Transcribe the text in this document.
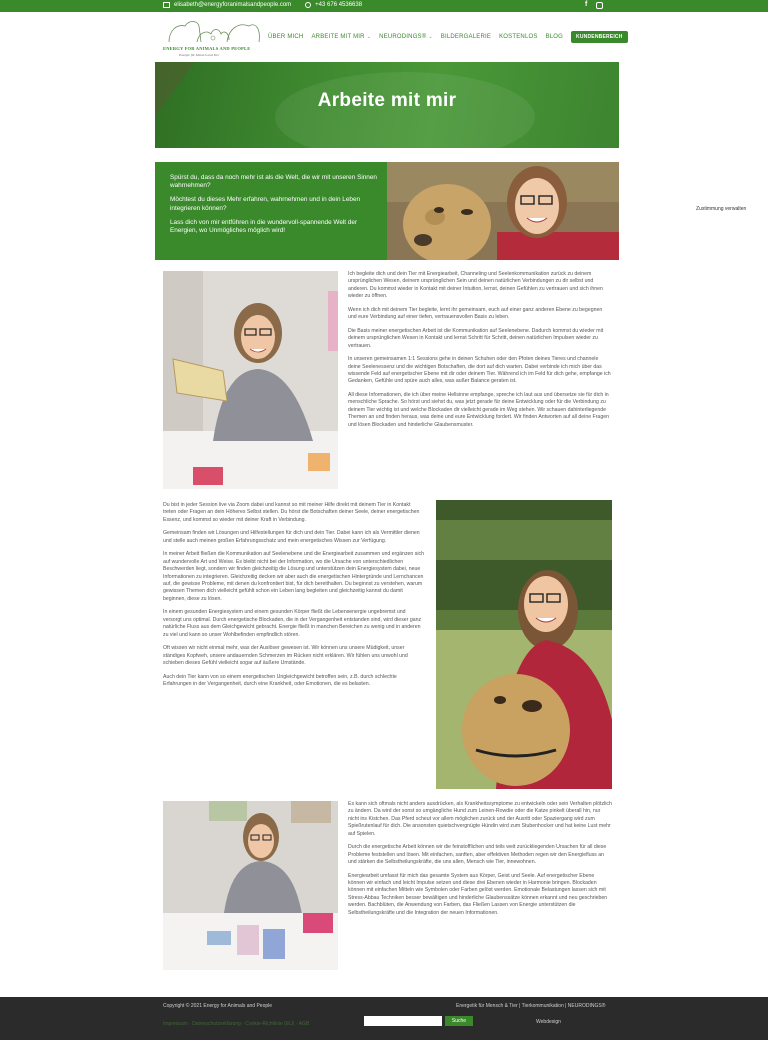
elisabeth@energyforanimalsandpeople.com	+43 676 4536638	f
ENERGY FOR ANIMALS AND PEOPLE
Energie für Mensch und Tier
ÜBER MICH ARBEITE MIT MIR ⌄ NEURODINGS® ⌄ BILDERGALERIE KOSTENLOS BLOG	KUNDENBEREICH
Arbeite mit mir

Spürst du, dass da noch mehr ist als die Welt, die wir mit unseren Sinnen wahrnehmen?

Möchtest du dieses Mehr erfahren, wahrnehmen und in dein Leben integrieren können?

Lass dich von mir entführen in die wundervoll-spannende Welt der Energien, wo Unmögliches möglich wird!

Zustimmung verwalten

Ich begleite dich und dein Tier mit Energiearbeit, Channeling und Seelenkommunikation zurück zu deinem ursprünglichen Wesen, deinem ursprünglichen Sein und deinen natürlichen Verbindungen zu dir selbst und anderen. Du kommst wieder in Kontakt mit deiner Intuition, lernst, deinen Gefühlen zu vertrauen und sich ihnen wieder zu öffnen.

Wenn ich dich mit deinem Tier begleite, lernt ihr gemeinsam, euch auf einer ganz anderen Ebene zu begegnen und eure Verbindung auf einer tiefen, vertrauensvollen Basis zu leben.

Die Basis meiner energetischen Arbeit ist die Kommunikation auf Seelenebene. Dadurch kommst du wieder mit deinem ursprünglichen Wesen in Kontakt und lernst Schritt für Schritt, deinen natürlichen Impulsen wieder zu vertrauen.

In unseren gemeinsamen 1:1 Sessions gehe in deinen Schuhen oder den Pfoten deines Tieres und channele deine Seelenessenz und die wichtigen Botschaften, die dort auf dich warten. Dabei verbinde ich mich über das wissende Feld auf energetischer Ebene mit dir oder deinem Tier. Während ich im Feld für dich gehe, empfange ich Gedanken, Gefühle und spüre auch alles, was außer Balance geraten ist.

All diese Informationen, die ich über meine Hellsinne empfange, spreche ich laut aus und übersetze sie für dich in menschliche Sprache. So hörst und siehst du, was jetzt gerade für deine Entwicklung oder für die Verbindung zu deinem Tier wichtig ist und welche Blockaden dir vielleicht gerade im Weg stehen. Wir schauen dahinterliegende Themen an und finden heraus, was deine und eure Entwicklung fordert. Wir finden Antworten auf all deine Fragen und lösen Blockaden und hinderliche Glaubensmuster.

Du bist in jeder Session live via Zoom dabei und kannst so mit meiner Hilfe direkt mit deinem Tier in Kontakt treten oder Fragen an dein Höheres Selbst stellen. Du hörst die Botschaften deiner Seele, deiner energetischen Essenz, und kommst so wieder mit deiner Kraft in Verbindung.

Gemeinsam finden wir Lösungen und Hilfestellungen für dich und dein Tier. Dabei kann ich als Vermittler dienen und stelle auch meinen großen Erfahrungsschatz und mein energetisches Wissen zur Verfügung.

In meiner Arbeit fließen die Kommunikation auf Seelenebene und die Energiearbeit zusammen und ergänzen sich auf wundervolle Art und Weise. Es bleibt nicht bei der Information, wo die Ursache von unterschiedlichen Beschwerden liegt, sondern wir finden gleichzeitig die Lösung und unterstützen dein Energiesystem dabei, neue Informationen zu integrieren. Gleichzeitig decken wir aber auch die energetischen Hintergründe und Lernchancen auf, die gewisse Probleme, mit denen du konfrontiert bist, für dich bereithalten. Du beginnst zu verstehen, warum gewissen Themen dich vielleicht gefühlt schon ein Leben lang begleiten und gleichzeitig kannst du damit beginnen, diese zu lösen.

In einem gesunden Energiesystem und einem gesunden Körper fließt die Lebensenergie ungebremst und versorgt uns optimal. Durch energetische Blockaden, die in der Vergangenheit entstanden sind, wird dieser ganz natürliche Fluss aus dem Gleichgewicht gebracht. Energie fließt in manchen Bereichen zu wenig und in anderen zu viel und kann so unser Wohlbefinden empfindlich stören.

Oft wissen wir nicht einmal mehr, was der Auslöser gewesen ist. Wir können uns unsere Müdigkeit, unser ständiges Kopfweh, unsere andauernden Schmerzen im Rücken nicht erklären. Wir fühlen uns unwohl und schieben dieses Gefühl vielleicht sogar auf äußere Umstände.

Auch dein Tier kann von so einem energetischen Ungleichgewicht betroffen sein, z.B. durch schlechte Erfahrungen in der Vergangenheit, durch eine Krankheit, oder Emotionen, die es belasten.

Es kann sich oftmals nicht anders ausdrücken, als Krankheitssymptome zu entwickeln oder sein Verhalten plötzlich zu ändern. Da wird der sonst so umgängliche Hund zum Leinen-Rowdie oder die Katze pinkelt überall hin, nur nicht ins Kistchen. Das Pferd scheut vor allem möglichen zurück und der Ausritt oder Spaziergang wird zum Spießrutenlauf für dich. Die ansonsten quietschvergnügte Hündin wird zum Stubenhocker und hat keine Lust mehr auf Spielen.

Durch die energetische Arbeit können wir die feinstofflichen und teils weit zurückliegenden Ursachen für all diese Probleme feststellen und lösen. Mit einfachen, sanften, aber effektiven Methoden regen wir den Energiefluss an und stärken die Selbstheilungskräfte, die uns allen, Mensch wie Tier, innewohnen.

Energiearbeit umfasst für mich das gesamte System aus Körper, Geist und Seele. Auf energetischer Ebene können wir einfach und leicht Impulse setzen und diese drei Ebenen wieder in Harmonie bringen. Blockaden können mit einfachen Mitteln wie Symbolen oder Farben gelöst werden. Emotionale Belastungen lassen sich mit Stress-Abbau Techniken besser bewältigen und hinderliche Glaubenssätze können erkannt und neu geschrieben werden. Bachblüten, die Anwendung von Farben, das Fließen Lassen von Energie unterstützen die Selbstheilungskräfte und die Integration der neuen Informationen.

Copyright © 2021 Energy for Animals and People	Energetik für Mensch & Tier | Tierkommunikation | NEURODINGS®
Impressum · Datenschutzerklärung · Cookie-Richtlinie (EU) · AGB	Suche	Webdesign
